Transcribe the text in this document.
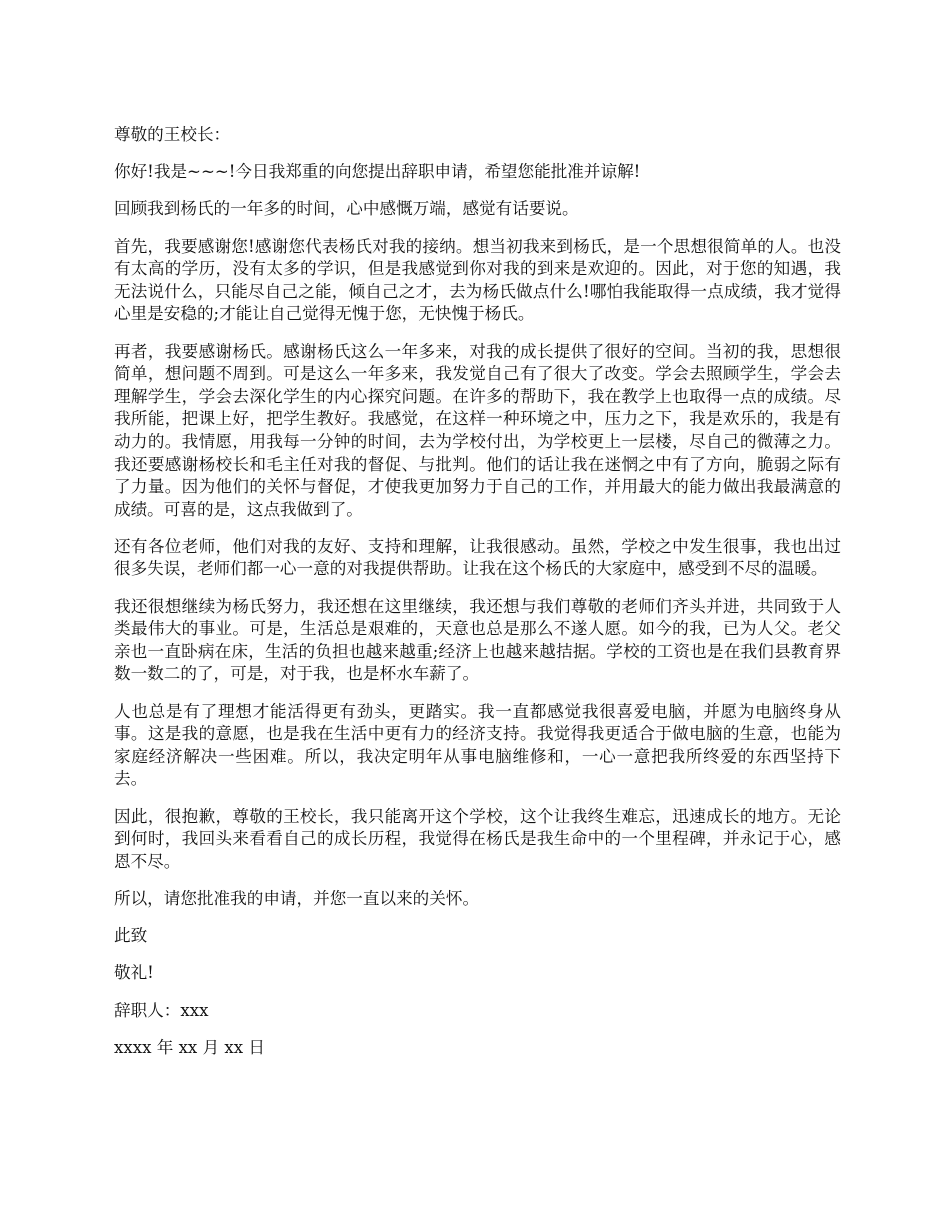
尊敬的王校长：

你好!我是~~~!今日我郑重的向您提出辞职申请，希望您能批准并谅解!

回顾我到杨氏的一年多的时间，心中感慨万端，感觉有话要说。

首先，我要感谢您!感谢您代表杨氏对我的接纳。想当初我来到杨氏，是一个思想很简单的人。也没有太高的学历，没有太多的学识，但是我感觉到你对我的到来是欢迎的。因此，对于您的知遇，我无法说什么，只能尽自己之能，倾自己之才，去为杨氏做点什么!哪怕我能取得一点成绩，我才觉得心里是安稳的;才能让自己觉得无愧于您，无快愧于杨氏。

再者，我要感谢杨氏。感谢杨氏这么一年多来，对我的成长提供了很好的空间。当初的我，思想很简单，想问题不周到。可是这么一年多来，我发觉自己有了很大了改变。学会去照顾学生，学会去理解学生，学会去深化学生的内心探究问题。在许多的帮助下，我在教学上也取得一点的成绩。尽我所能，把课上好，把学生教好。我感觉，在这样一种环境之中，压力之下，我是欢乐的，我是有动力的。我情愿，用我每一分钟的时间，去为学校付出，为学校更上一层楼，尽自己的微薄之力。我还要感谢杨校长和毛主任对我的督促、与批判。他们的话让我在迷惘之中有了方向，脆弱之际有了力量。因为他们的关怀与督促，才使我更加努力于自己的工作，并用最大的能力做出我最满意的成绩。可喜的是，这点我做到了。

还有各位老师，他们对我的友好、支持和理解，让我很感动。虽然，学校之中发生很事，我也出过很多失误，老师们都一心一意的对我提供帮助。让我在这个杨氏的大家庭中，感受到不尽的温暖。

我还很想继续为杨氏努力，我还想在这里继续，我还想与我们尊敬的老师们齐头并进，共同致于人类最伟大的事业。可是，生活总是艰难的，天意也总是那么不遂人愿。如今的我，已为人父。老父亲也一直卧病在床，生活的负担也越来越重;经济上也越来越拮据。学校的工资也是在我们县教育界数一数二的了，可是，对于我，也是杯水车薪了。

人也总是有了理想才能活得更有劲头，更踏实。我一直都感觉我很喜爱电脑，并愿为电脑终身从事。这是我的意愿，也是我在生活中更有力的经济支持。我觉得我更适合于做电脑的生意，也能为家庭经济解决一些困难。所以，我决定明年从事电脑维修和，一心一意把我所终爱的东西坚持下去。

因此，很抱歉，尊敬的王校长，我只能离开这个学校，这个让我终生难忘，迅速成长的地方。无论到何时，我回头来看看自己的成长历程，我觉得在杨氏是我生命中的一个里程碑，并永记于心，感恩不尽。

所以，请您批准我的申请，并您一直以来的关怀。

此致

敬礼!

辞职人：xxx

xxxx 年 xx 月 xx 日
